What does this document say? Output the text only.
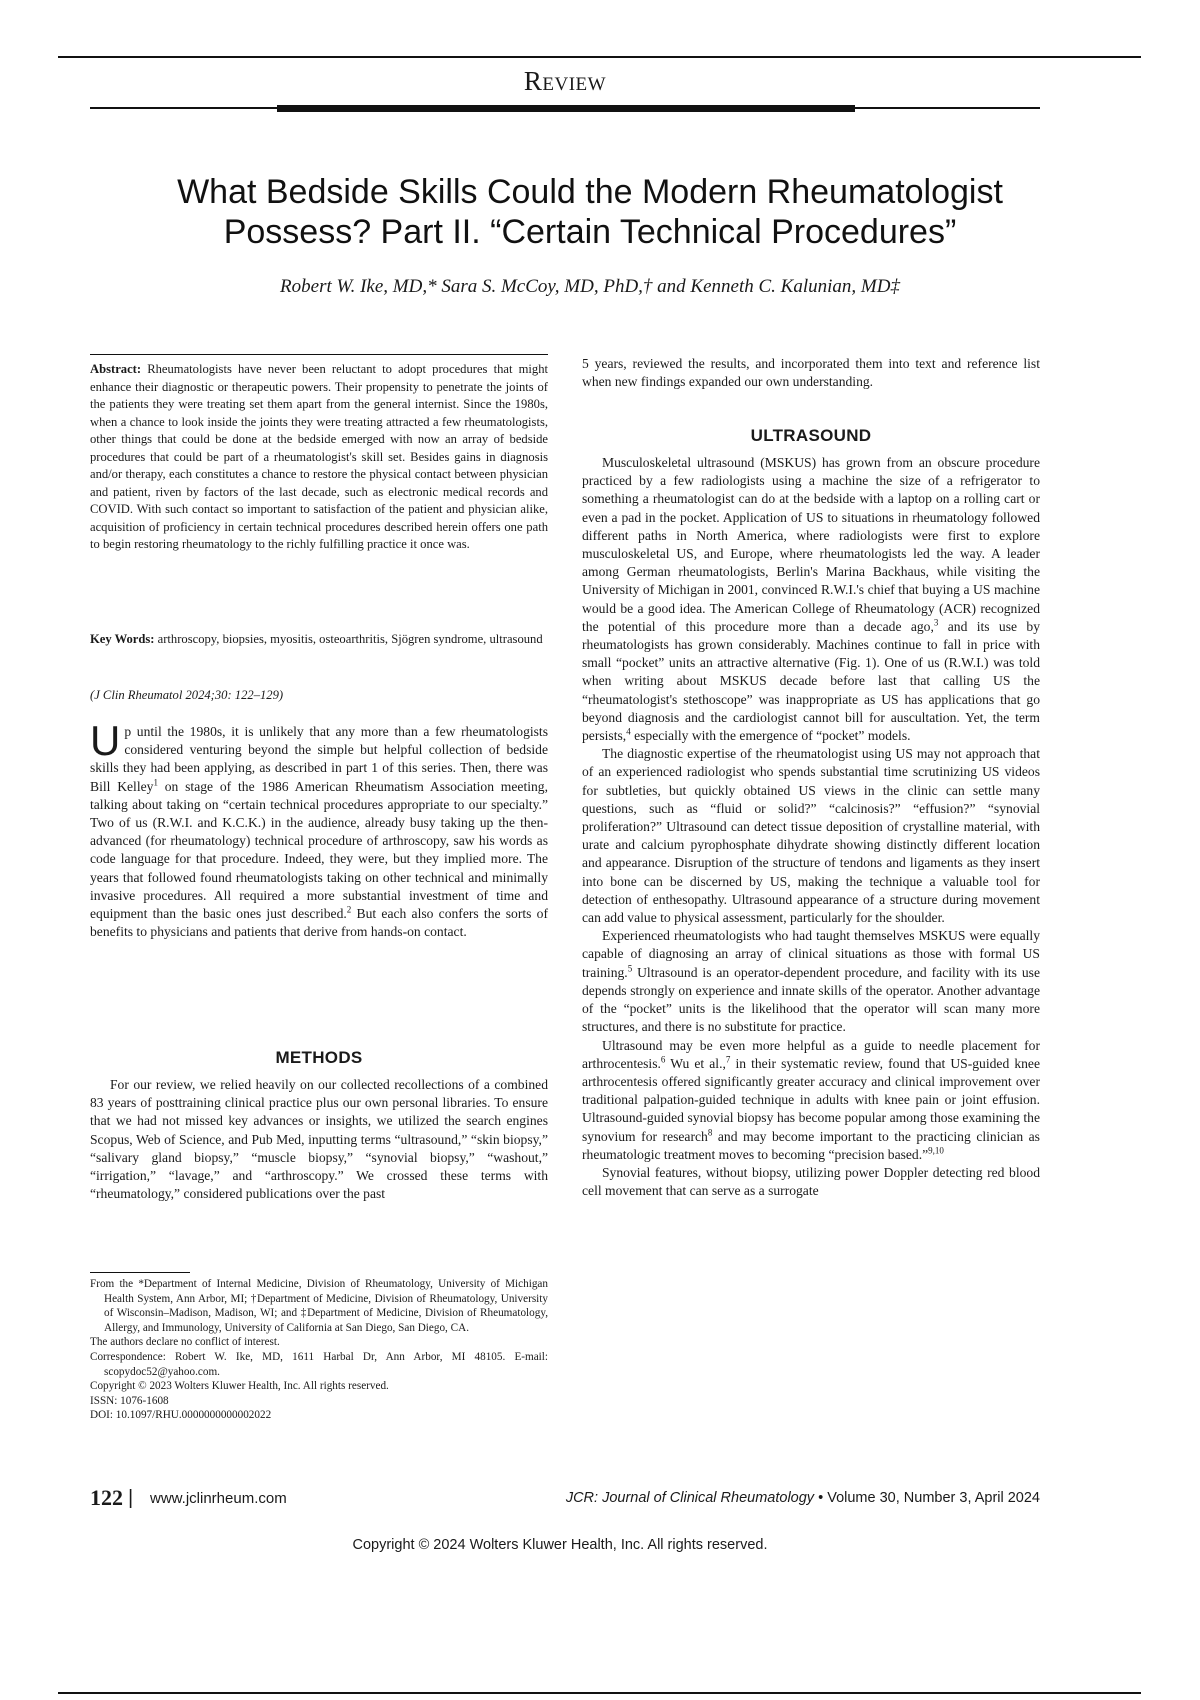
Review
What Bedside Skills Could the Modern Rheumatologist
Possess? Part II. “Certain Technical Procedures”
Robert W. Ike, MD,* Sara S. McCoy, MD, PhD,† and Kenneth C. Kalunian, MD‡

Abstract: Rheumatologists have never been reluctant to adopt procedures that might enhance their diagnostic or therapeutic powers. Their propensity to penetrate the joints of the patients they were treating set them apart from the general internist. Since the 1980s, when a chance to look inside the joints they were treating attracted a few rheumatologists, other things that could be done at the bedside emerged with now an array of bedside procedures that could be part of a rheumatologist's skill set. Besides gains in diagnosis and/or therapy, each constitutes a chance to restore the physical contact between physician and patient, riven by factors of the last decade, such as electronic medical records and COVID. With such contact so important to satisfaction of the patient and physician alike, acquisition of proficiency in certain technical procedures described herein offers one path to begin restoring rheumatology to the richly fulfilling practice it once was.

Key Words: arthroscopy, biopsies, myositis, osteoarthritis, Sjögren syndrome, ultrasound

(J Clin Rheumatol 2024;30: 122–129)

Up until the 1980s, it is unlikely that any more than a few rheumatologists considered venturing beyond the simple but helpful collection of bedside skills they had been applying, as described in part 1 of this series. Then, there was Bill Kelley$^1$ on stage of the 1986 American Rheumatism Association meeting, talking about taking on “certain technical procedures appropriate to our specialty.” Two of us (R.W.I. and K.C.K.) in the audience, already busy taking up the then-advanced (for rheumatology) technical procedure of arthroscopy, saw his words as code language for that procedure. Indeed, they were, but they implied more. The years that followed found rheumatologists taking on other technical and minimally invasive procedures. All required a more substantial investment of time and equipment than the basic ones just described.$^2$ But each also confers the sorts of benefits to physicians and patients that derive from hands-on contact.

METHODS

For our review, we relied heavily on our collected recollections of a combined 83 years of posttraining clinical practice plus our own personal libraries. To ensure that we had not missed key advances or insights, we utilized the search engines Scopus, Web of Science, and Pub Med, inputting terms “ultrasound,” “skin biopsy,” “salivary gland biopsy,” “muscle biopsy,” “synovial biopsy,” “washout,” “irrigation,” “lavage,” and “arthroscopy.” We crossed these terms with “rheumatology,” considered publications over the past

From the *Department of Internal Medicine, Division of Rheumatology, University of Michigan Health System, Ann Arbor, MI; †Department of Medicine, Division of Rheumatology, University of Wisconsin–Madison, Madison, WI; and ‡Department of Medicine, Division of Rheumatology, Allergy, and Immunology, University of California at San Diego, San Diego, CA.

The authors declare no conflict of interest.

Correspondence: Robert W. Ike, MD, 1611 Harbal Dr, Ann Arbor, MI 48105. E-mail: scopydoc52@yahoo.com.

Copyright © 2023 Wolters Kluwer Health, Inc. All rights reserved.

ISSN: 1076-1608

DOI: 10.1097/RHU.0000000000002022

5 years, reviewed the results, and incorporated them into text and reference list when new findings expanded our own understanding.

ULTRASOUND

Musculoskeletal ultrasound (MSKUS) has grown from an obscure procedure practiced by a few radiologists using a machine the size of a refrigerator to something a rheumatologist can do at the bedside with a laptop on a rolling cart or even a pad in the pocket. Application of US to situations in rheumatology followed different paths in North America, where radiologists were first to explore musculoskeletal US, and Europe, where rheumatologists led the way. A leader among German rheumatologists, Berlin's Marina Backhaus, while visiting the University of Michigan in 2001, convinced R.W.I.'s chief that buying a US machine would be a good idea. The American College of Rheumatology (ACR) recognized the potential of this procedure more than a decade ago,$^3$ and its use by rheumatologists has grown considerably. Machines continue to fall in price with small “pocket” units an attractive alternative (Fig. 1). One of us (R.W.I.) was told when writing about MSKUS decade before last that calling US the “rheumatologist's stethoscope” was inappropriate as US has applications that go beyond diagnosis and the cardiologist cannot bill for auscultation. Yet, the term persists,$^4$ especially with the emergence of “pocket” models.

The diagnostic expertise of the rheumatologist using US may not approach that of an experienced radiologist who spends substantial time scrutinizing US videos for subtleties, but quickly obtained US views in the clinic can settle many questions, such as “fluid or solid?” “calcinosis?” “effusion?” “synovial proliferation?” Ultrasound can detect tissue deposition of crystalline material, with urate and calcium pyrophosphate dihydrate showing distinctly different location and appearance. Disruption of the structure of tendons and ligaments as they insert into bone can be discerned by US, making the technique a valuable tool for detection of enthesopathy. Ultrasound appearance of a structure during movement can add value to physical assessment, particularly for the shoulder.

Experienced rheumatologists who had taught themselves MSKUS were equally capable of diagnosing an array of clinical situations as those with formal US training.$^5$ Ultrasound is an operator-dependent procedure, and facility with its use depends strongly on experience and innate skills of the operator. Another advantage of the “pocket” units is the likelihood that the operator will scan many more structures, and there is no substitute for practice.

Ultrasound may be even more helpful as a guide to needle placement for arthrocentesis.$^6$ Wu et al.,$^7$ in their systematic review, found that US-guided knee arthrocentesis offered significantly greater accuracy and clinical improvement over traditional palpation-guided technique in adults with knee pain or joint effusion. Ultrasound-guided synovial biopsy has become popular among those examining the synovium for research$^8$ and may become important to the practicing clinician as rheumatologic treatment moves to becoming “precision based.”$^{9,10}$

Synovial features, without biopsy, utilizing power Doppler detecting red blood cell movement that can serve as a surrogate

122 | www.jclinrheum.com	JCR: Journal of Clinical Rheumatology • Volume 30, Number 3, April 2024
Copyright © 2024 Wolters Kluwer Health, Inc. All rights reserved.
